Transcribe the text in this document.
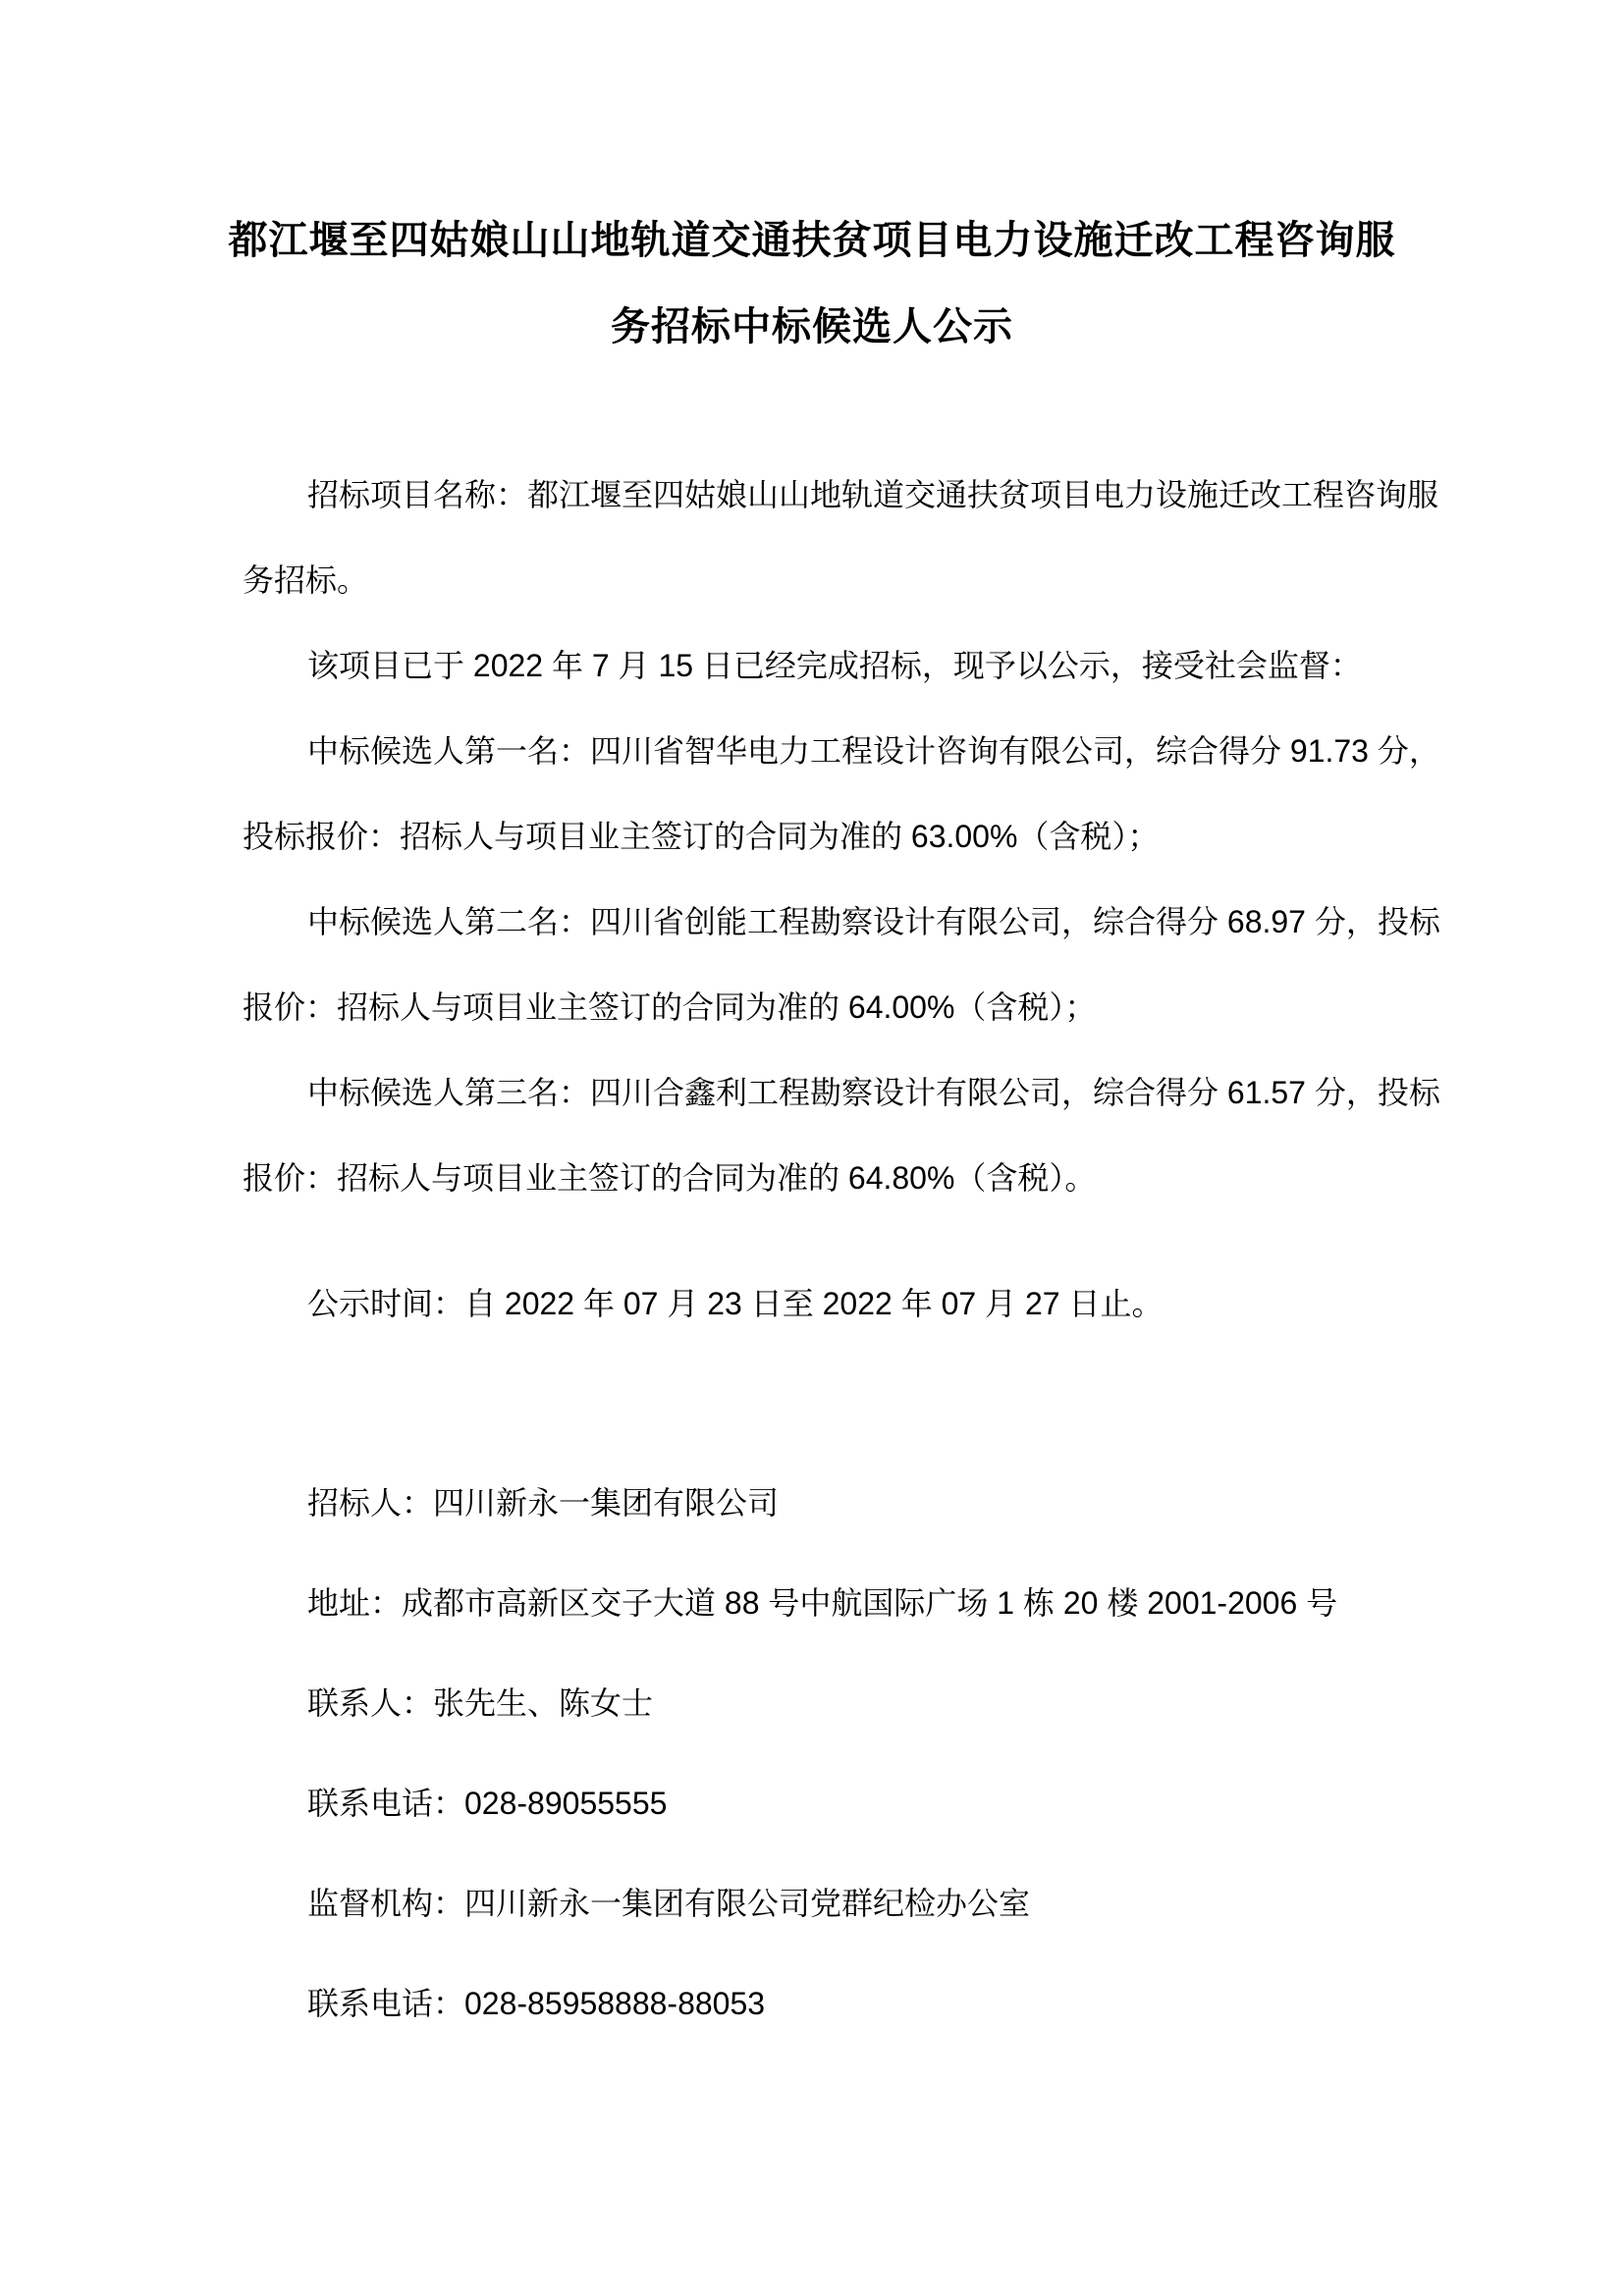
都江堰至四姑娘山山地轨道交通扶贫项目电力设施迁改工程咨询服
务招标中标候选人公示
招标项目名称：都江堰至四姑娘山山地轨道交通扶贫项目电力设施迁改工程咨询服
务招标。
该项目已于 2022 年 7 月 15 日已经完成招标，现予以公示，接受社会监督：
中标候选人第一名：四川省智华电力工程设计咨询有限公司，综合得分 91.73 分，
投标报价：招标人与项目业主签订的合同为准的 63.00%（含税）；
中标候选人第二名：四川省创能工程勘察设计有限公司，综合得分 68.97 分，投标
报价：招标人与项目业主签订的合同为准的 64.00%（含税）；
中标候选人第三名：四川合鑫利工程勘察设计有限公司，综合得分 61.57 分，投标
报价：招标人与项目业主签订的合同为准的 64.80%（含税）。
公示时间：自 2022 年 07 月 23 日至 2022 年 07 月 27 日止。
招标人：四川新永一集团有限公司
地址：成都市高新区交子大道 88 号中航国际广场 1 栋 20 楼 2001-2006 号
联系人：张先生、陈女士
联系电话：028-89055555
监督机构：四川新永一集团有限公司党群纪检办公室
联系电话：028-85958888-88053
